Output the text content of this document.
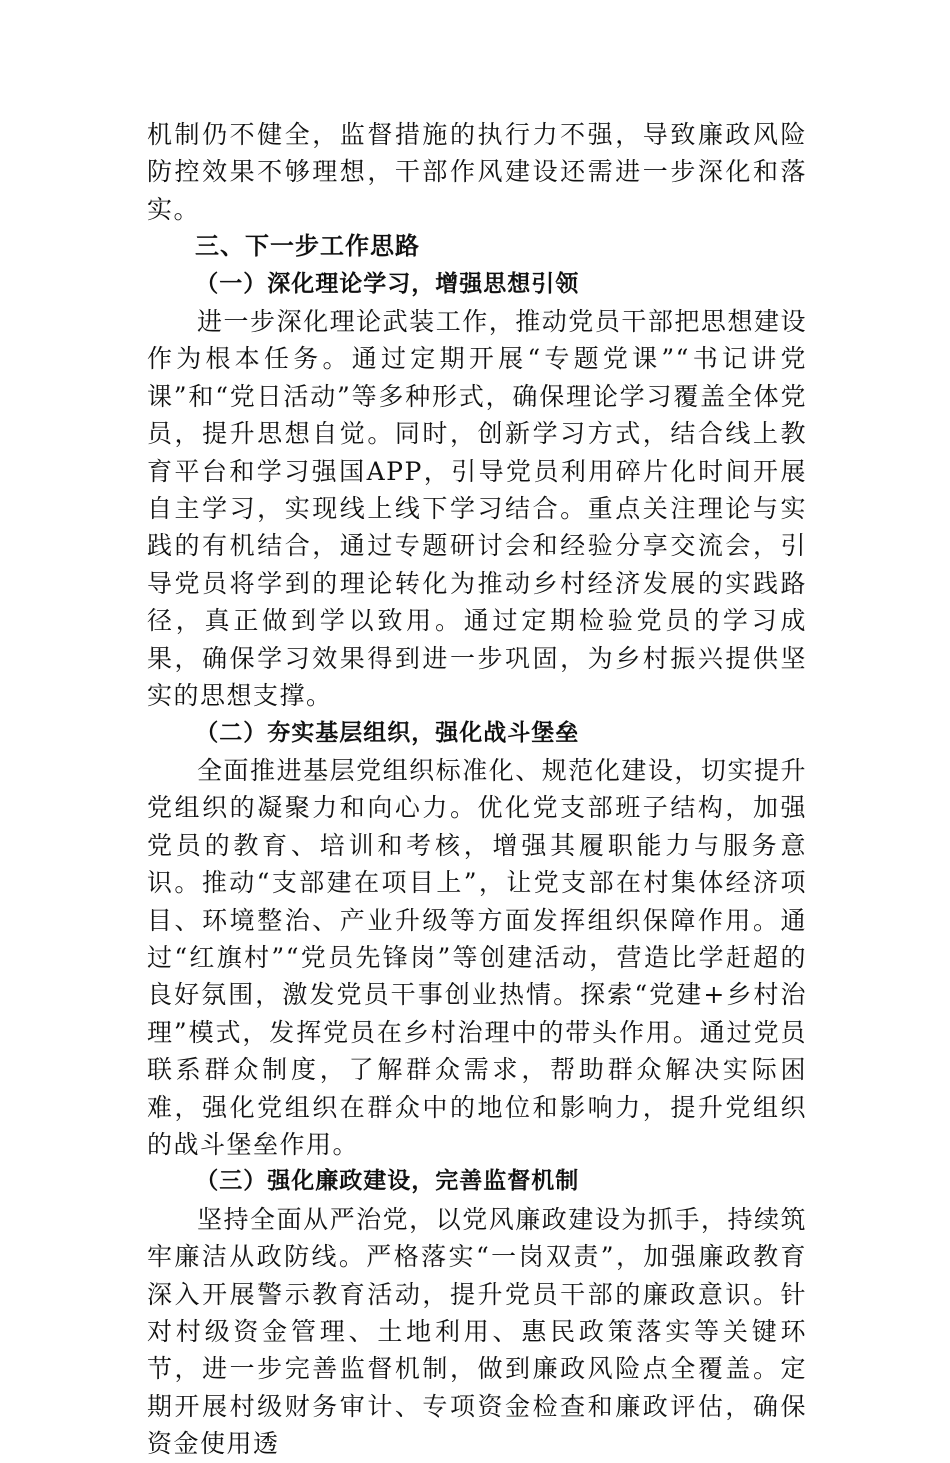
机制仍不健全，监督措施的执行力不强，导致廉政风险防控效果不够理想，干部作风建设还需进一步深化和落实。

三、下一步工作思路
（一）深化理论学习，增强思想引领

进一步深化理论武装工作，推动党员干部把思想建设作为根本任务。通过定期开展“专题党课”“书记讲党课”和“党日活动”等多种形式，确保理论学习覆盖全体党员，提升思想自觉。同时，创新学习方式，结合线上教育平台和学习强国APP，引导党员利用碎片化时间开展自主学习，实现线上线下学习结合。重点关注理论与实践的有机结合，通过专题研讨会和经验分享交流会，引导党员将学到的理论转化为推动乡村经济发展的实践路径，真正做到学以致用。通过定期检验党员的学习成果，确保学习效果得到进一步巩固，为乡村振兴提供坚实的思想支撑。

（二）夯实基层组织，强化战斗堡垒

全面推进基层党组织标准化、规范化建设，切实提升党组织的凝聚力和向心力。优化党支部班子结构，加强党员的教育、培训和考核，增强其履职能力与服务意识。推动“支部建在项目上”，让党支部在村集体经济项目、环境整治、产业升级等方面发挥组织保障作用。通过“红旗村”“党员先锋岗”等创建活动，营造比学赶超的良好氛围，激发党员干事创业热情。探索“党建+乡村治理”模式，发挥党员在乡村治理中的带头作用。通过党员联系群众制度，了解群众需求，帮助群众解决实际困难，强化党组织在群众中的地位和影响力，提升党组织的战斗堡垒作用。

（三）强化廉政建设，完善监督机制

坚持全面从严治党，以党风廉政建设为抓手，持续筑牢廉洁从政防线。严格落实“一岗双责”，加强廉政教育深入开展警示教育活动，提升党员干部的廉政意识。针对村级资金管理、土地利用、惠民政策落实等关键环节，进一步完善监督机制，做到廉政风险点全覆盖。定期开展村级财务审计、专项资金检查和廉政评估，确保资金使用透
